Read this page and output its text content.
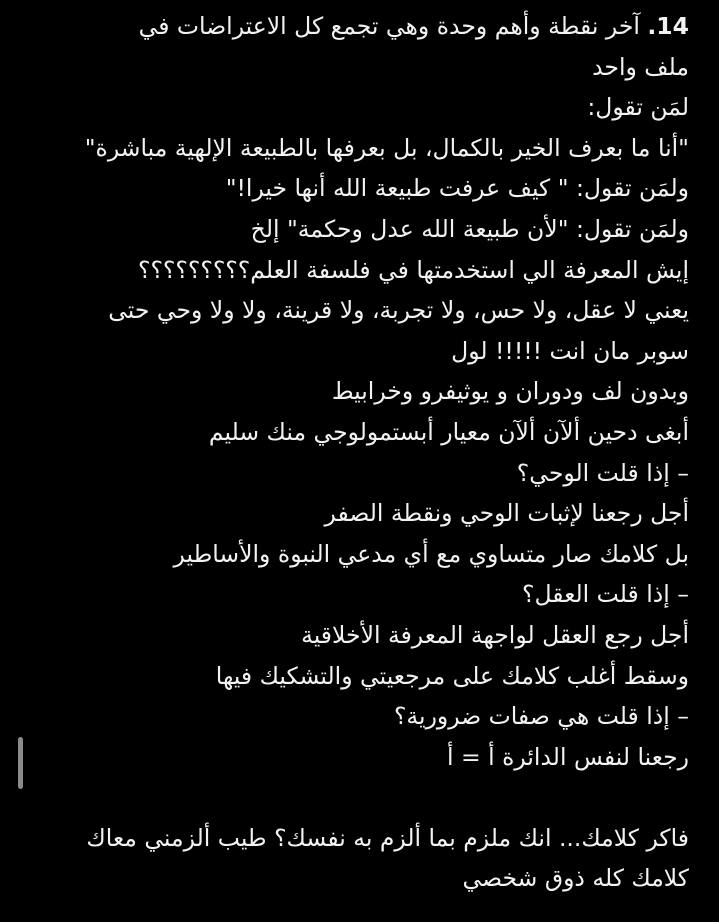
14. آخر نقطة وأهم وحدة وهي تجمع كل الاعتراضات في
ملف واحد
لمَن تقول:
"أنا ما بعرف الخير بالكمال، بل بعرفها بالطبيعة الإلهية مباشرة"
ولمَن تقول: " كيف عرفت طبيعة الله أنها خيرا!"
ولمَن تقول: "لأن طبيعة الله عدل وحكمة" إلخ
إيش المعرفة الي استخدمتها في فلسفة العلم؟؟؟؟؟؟؟؟؟
يعني لا عقل، ولا حس، ولا تجربة، ولا قرينة، ولا ولا وحي حتى
سوبر مان انت !!!!! لول
وبدون لف ودوران و يوثيفرو وخرابيط
أبغى دحين ألآن ألآن معيار أبستمولوجي منك سليم
– إذا قلت الوحي؟
أجل رجعنا لإثبات الوحي ونقطة الصفر
بل كلامك صار متساوي مع أي مدعي النبوة والأساطير
– إذا قلت العقل؟
أجل رجع العقل لواجهة المعرفة الأخلاقية
وسقط أغلب كلامك على مرجعيتي والتشكيك فيها
– إذا قلت هي صفات ضرورية؟
رجعنا لنفس الدائرة أ = أ
فاكر كلامك... انك ملزم بما ألزم به نفسك؟ طيب ألزمني معاك
كلامك كله ذوق شخصي
